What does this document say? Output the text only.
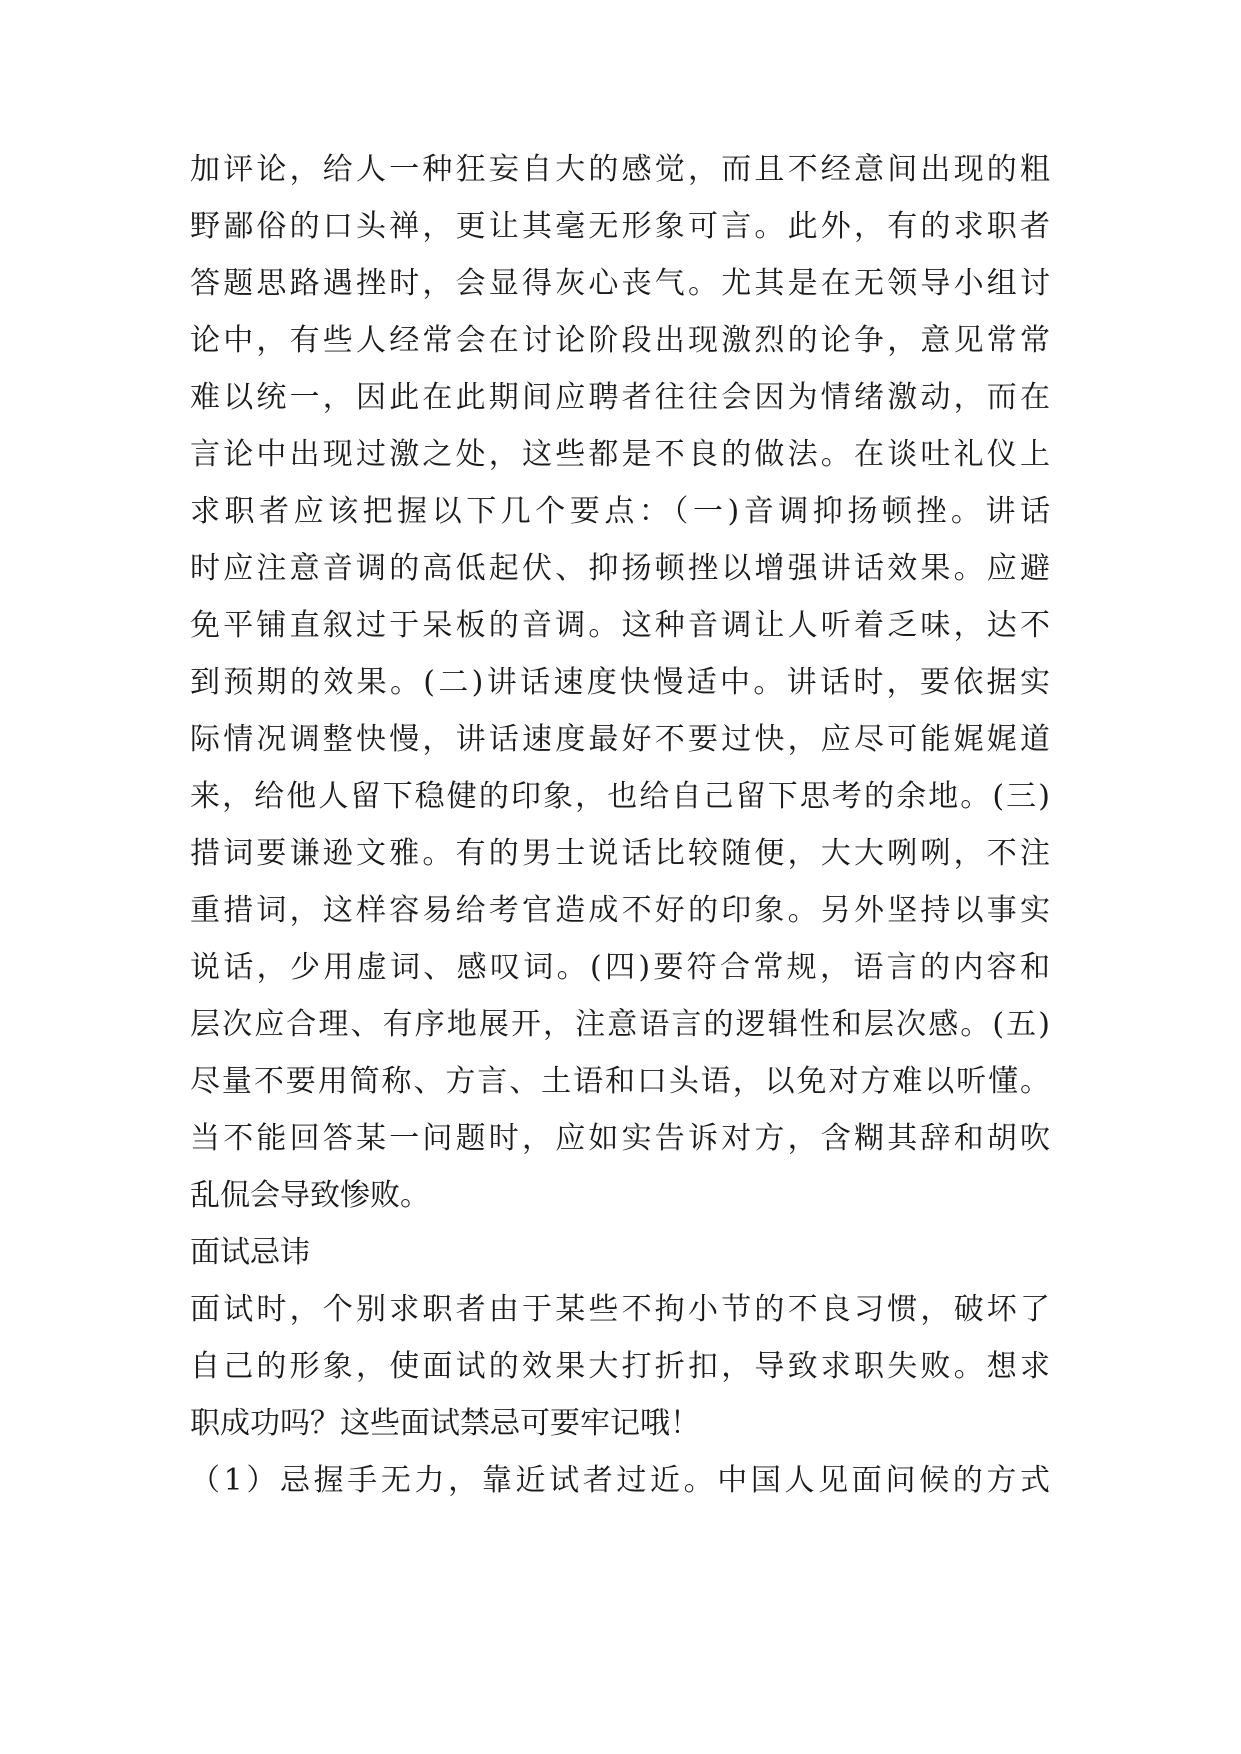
加评论，给人一种狂妄自大的感觉，而且不经意间出现的粗
野鄙俗的口头禅，更让其毫无形象可言。此外，有的求职者
答题思路遇挫时，会显得灰心丧气。尤其是在无领导小组讨
论中，有些人经常会在讨论阶段出现激烈的论争，意见常常
难以统一，因此在此期间应聘者往往会因为情绪激动，而在
言论中出现过激之处，这些都是不良的做法。在谈吐礼仪上
求职者应该把握以下几个要点：（一)音调抑扬顿挫。讲话
时应注意音调的高低起伏、抑扬顿挫以增强讲话效果。应避
免平铺直叙过于呆板的音调。这种音调让人听着乏味，达不
到预期的效果。(二)讲话速度快慢适中。讲话时，要依据实
际情况调整快慢，讲话速度最好不要过快，应尽可能娓娓道
来，给他人留下稳健的印象，也给自己留下思考的余地。(三)
措词要谦逊文雅。有的男士说话比较随便，大大咧咧，不注
重措词，这样容易给考官造成不好的印象。另外坚持以事实
说话，少用虚词、感叹词。(四)要符合常规，语言的内容和
层次应合理、有序地展开，注意语言的逻辑性和层次感。(五)
尽量不要用简称、方言、土语和口头语，以免对方难以听懂。
当不能回答某一问题时，应如实告诉对方，含糊其辞和胡吹
乱侃会导致惨败。
面试忌讳
面试时，个别求职者由于某些不拘小节的不良习惯，破坏了
自己的形象，使面试的效果大打折扣，导致求职失败。想求
职成功吗？这些面试禁忌可要牢记哦！
（1）忌握手无力，靠近试者过近。中国人见面问候的方式
